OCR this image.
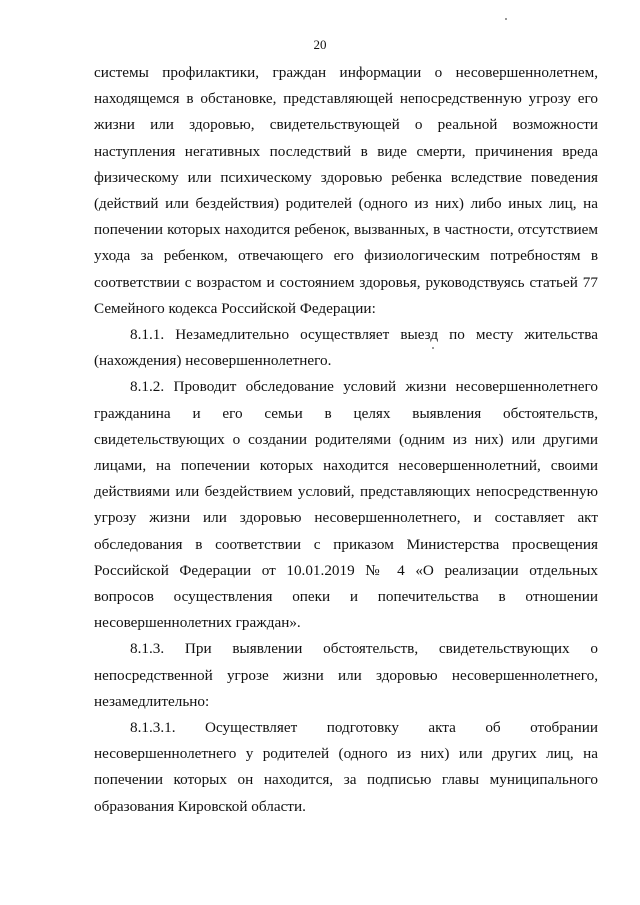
20

системы профилактики, граждан информации о несовершеннолетнем, находящемся в обстановке, представляющей непосредственную угрозу его жизни или здоровью, свидетельствующей о реальной возможности наступления негативных последствий в виде смерти, причинения вреда физическому или психическому здоровью ребенка вследствие поведения (действий или бездействия) родителей (одного из них) либо иных лиц, на попечении которых находится ребенок, вызванных, в частности, отсутствием ухода за ребенком, отвечающего его физиологическим потребностям в соответствии с возрастом и состоянием здоровья, руководствуясь статьей 77 Семейного кодекса Российской Федерации:

8.1.1. Незамедлительно осуществляет выезд по месту жительства (нахождения) несовершеннолетнего.

8.1.2. Проводит обследование условий жизни несовершеннолетнего гражданина и его семьи в целях выявления обстоятельств, свидетельствующих о создании родителями (одним из них) или другими лицами, на попечении которых находится несовершеннолетний, своими действиями или бездействием условий, представляющих непосредственную угрозу жизни или здоровью несовершеннолетнего, и составляет акт обследования в соответствии с приказом Министерства просвещения Российской Федерации от 10.01.2019 № 4 «О реализации отдельных вопросов осуществления опеки и попечительства в отношении несовершеннолетних граждан».

8.1.3. При выявлении обстоятельств, свидетельствующих о непосредственной угрозе жизни или здоровью несовершеннолетнего, незамедлительно:

8.1.3.1. Осуществляет подготовку акта об отобрании несовершеннолетнего у родителей (одного из них) или других лиц, на попечении которых он находится, за подписью главы муниципального образования Кировской области.
